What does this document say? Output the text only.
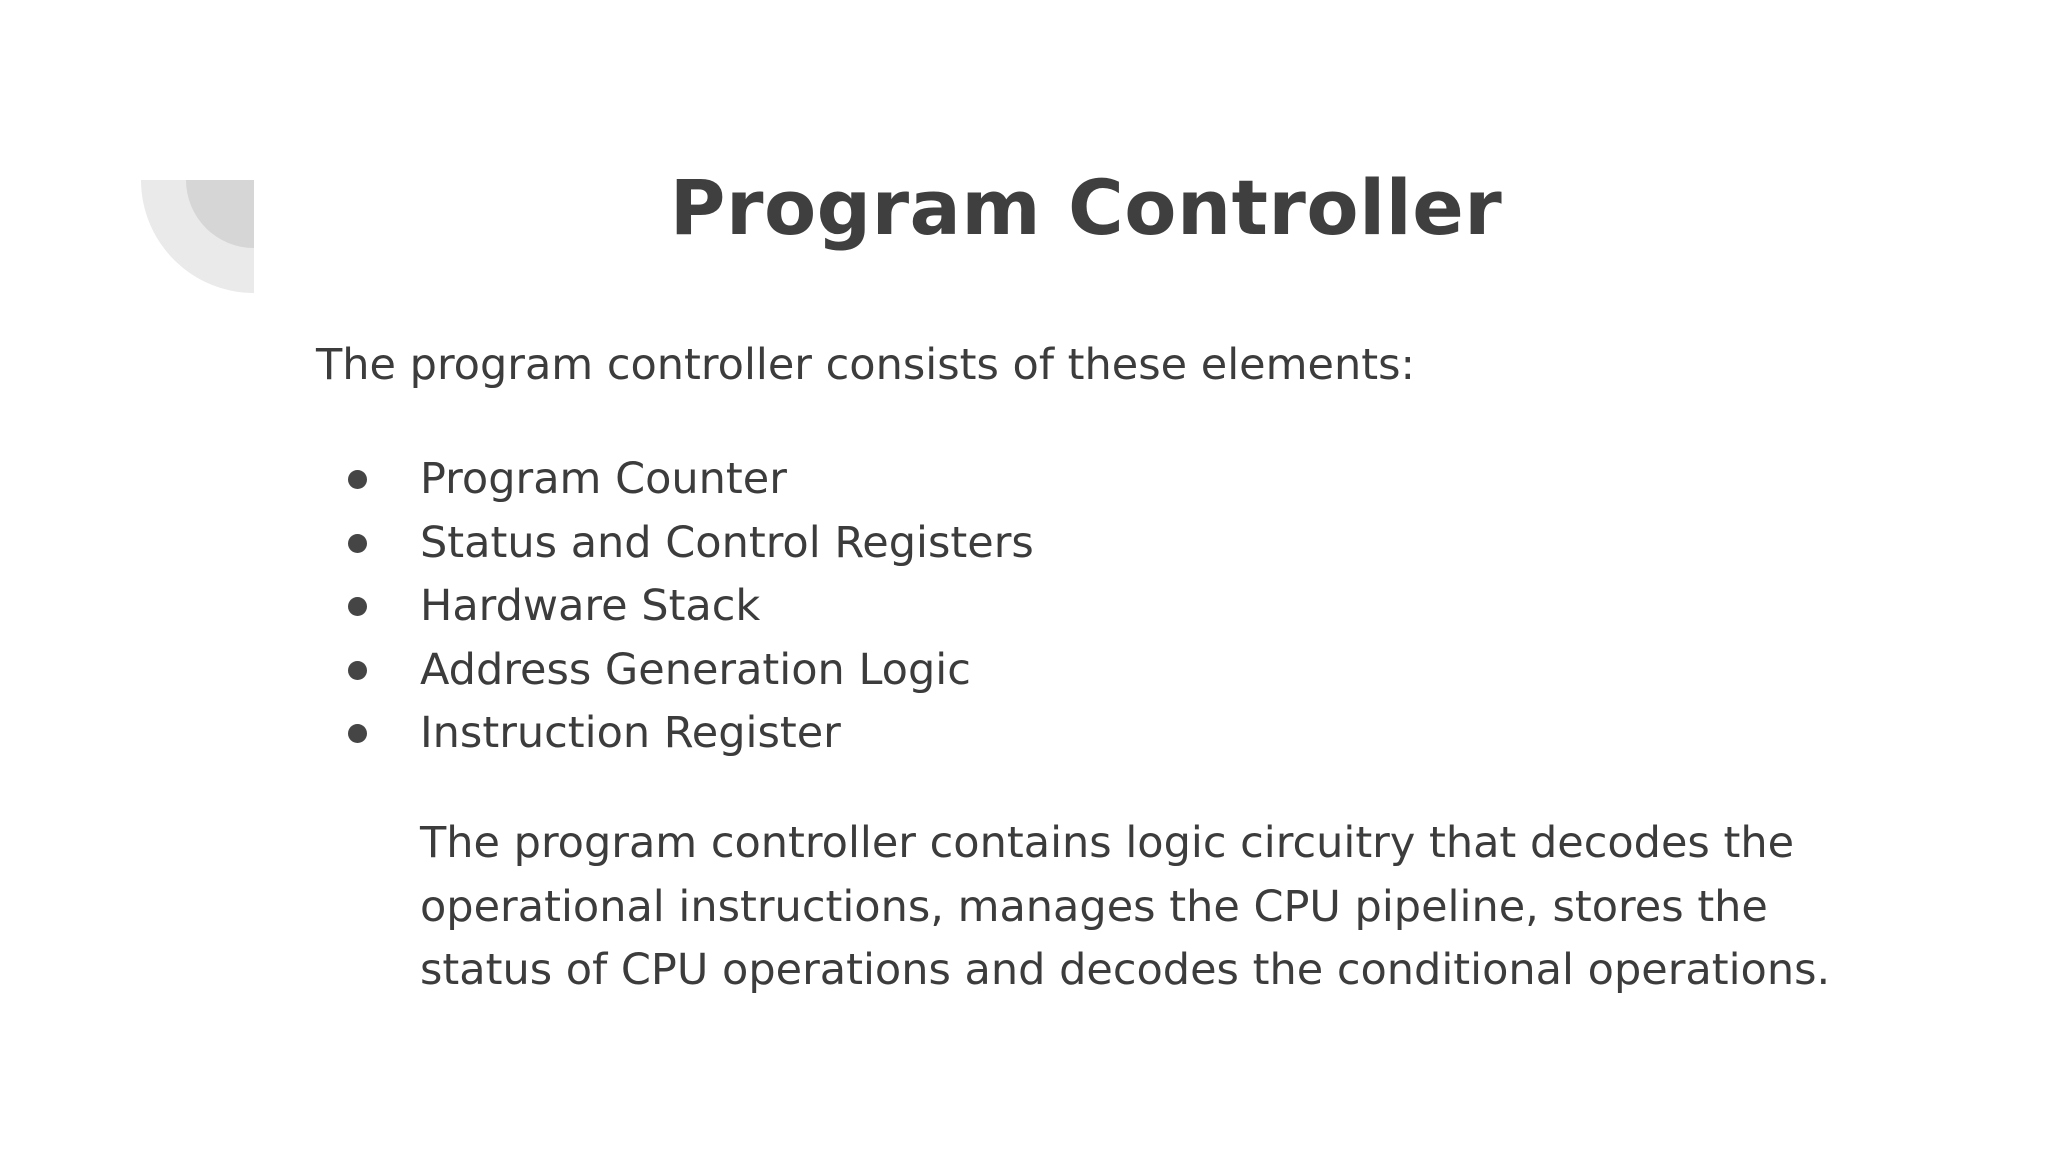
Program Controller

The program controller consists of these elements:

Program Counter
Status and Control Registers
Hardware Stack
Address Generation Logic
Instruction Register

The program controller contains logic circuitry that decodes the operational instructions, manages the CPU pipeline, stores the status of CPU operations and decodes the conditional operations.
